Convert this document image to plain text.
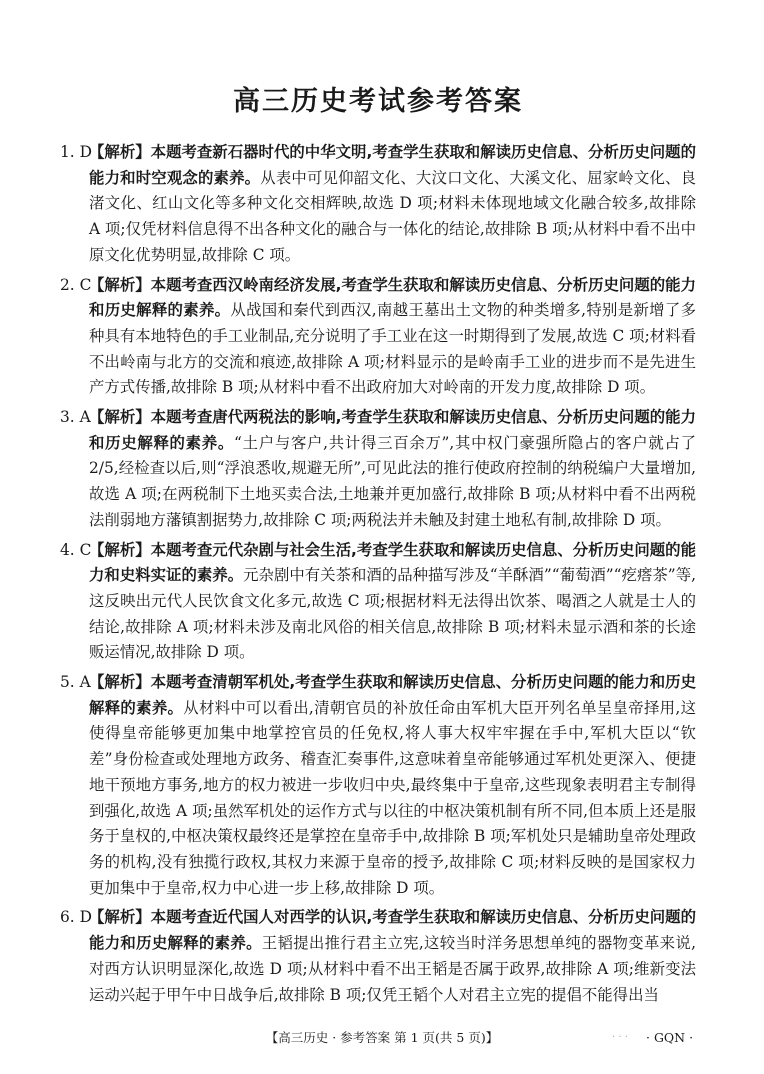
高三历史考试参考答案
1. D
【解析】本题考查新石器时代的中华文明,考查学生获取和解读历史信息、分析历史问题的能力和时空观念的素养。从表中可见仰韶文化、大汶口文化、大溪文化、屈家岭文化、良渚文化、红山文化等多种文化交相辉映,故选 D 项;材料未体现地域文化融合较多,故排除 A 项;仅凭材料信息得不出各种文化的融合与一体化的结论,故排除 B 项;从材料中看不出中原文化优势明显,故排除 C 项。
2. C
【解析】本题考查西汉岭南经济发展,考查学生获取和解读历史信息、分析历史问题的能力和历史解释的素养。从战国和秦代到西汉,南越王墓出土文物的种类增多,特别是新增了多种具有本地特色的手工业制品,充分说明了手工业在这一时期得到了发展,故选 C 项;材料看不出岭南与北方的交流和痕迹,故排除 A 项;材料显示的是岭南手工业的进步而不是先进生产方式传播,故排除 B 项;从材料中看不出政府加大对岭南的开发力度,故排除 D 项。
3. A
【解析】本题考查唐代两税法的影响,考查学生获取和解读历史信息、分析历史问题的能力和历史解释的素养。“土户与客户,共计得三百余万”,其中权门豪强所隐占的客户就占了 2/5,经检查以后,则“浮浪悉收,规避无所”,可见此法的推行使政府控制的纳税编户大量增加,故选 A 项;在两税制下土地买卖合法,土地兼并更加盛行,故排除 B 项;从材料中看不出两税法削弱地方藩镇割据势力,故排除 C 项;两税法并未触及封建土地私有制,故排除 D 项。
4. C
【解析】本题考查元代杂剧与社会生活,考查学生获取和解读历史信息、分析历史问题的能力和史料实证的素养。元杂剧中有关茶和酒的品种描写涉及“羊酥酒”“葡萄酒”“疙瘩茶”等,这反映出元代人民饮食文化多元,故选 C 项;根据材料无法得出饮茶、喝酒之人就是士人的结论,故排除 A 项;材料未涉及南北风俗的相关信息,故排除 B 项;材料未显示酒和茶的长途贩运情况,故排除 D 项。
5. A
【解析】本题考查清朝军机处,考查学生获取和解读历史信息、分析历史问题的能力和历史解释的素养。从材料中可以看出,清朝官员的补放任命由军机大臣开列名单呈皇帝择用,这使得皇帝能够更加集中地掌控官员的任免权,将人事大权牢牢握在手中,军机大臣以“钦差”身份检查或处理地方政务、稽查汇奏事件,这意味着皇帝能够通过军机处更深入、便捷地干预地方事务,地方的权力被进一步收归中央,最终集中于皇帝,这些现象表明君主专制得到强化,故选 A 项;虽然军机处的运作方式与以往的中枢决策机制有所不同,但本质上还是服务于皇权的,中枢决策权最终还是掌控在皇帝手中,故排除 B 项;军机处只是辅助皇帝处理政务的机构,没有独揽行政权,其权力来源于皇帝的授予,故排除 C 项;材料反映的是国家权力更加集中于皇帝,权力中心进一步上移,故排除 D 项。
6. D
【解析】本题考查近代国人对西学的认识,考查学生获取和解读历史信息、分析历史问题的能力和历史解释的素养。王韬提出推行君主立宪,这较当时洋务思想单纯的器物变革来说,对西方认识明显深化,故选 D 项;从材料中看不出王韬是否属于政界,故排除 A 项;维新变法运动兴起于甲午中日战争后,故排除 B 项;仅凭王韬个人对君主立宪的提倡不能得出当
【高三历史 · 参考答案 第 1 页(共 5 页)】	· · · · GQN ·
